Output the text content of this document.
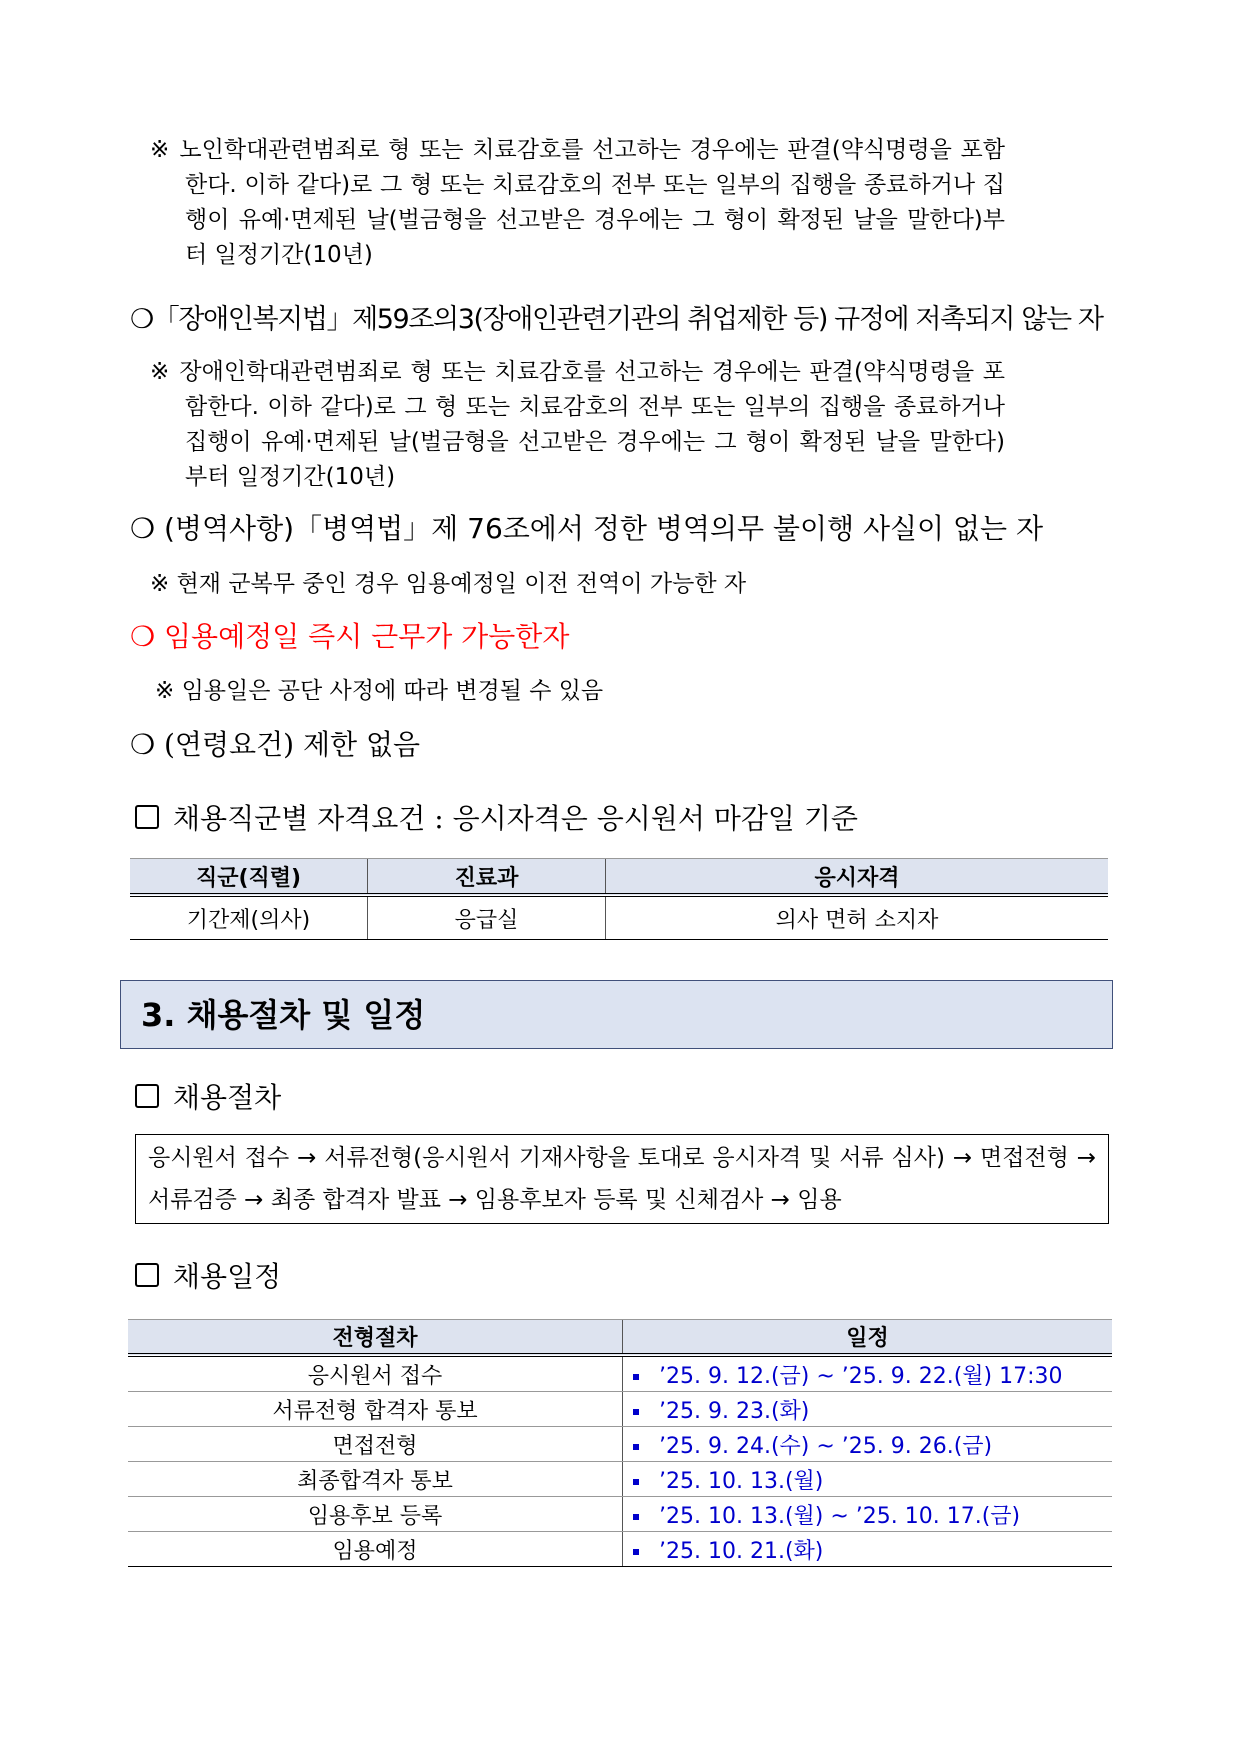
※ 노인학대관련범죄로 형 또는 치료감호를 선고하는 경우에는 판결(약식명령을 포함한다. 이하 같다)로 그 형 또는 치료감호의 전부 또는 일부의 집행을 종료하거나 집행이 유예·면제된 날(벌금형을 선고받은 경우에는 그 형이 확정된 날을 말한다)부터 일정기간(10년)
❍「장애인복지법」제59조의3(장애인관련기관의 취업제한 등) 규정에 저촉되지 않는 자
※ 장애인학대관련범죄로 형 또는 치료감호를 선고하는 경우에는 판결(약식명령을 포함한다. 이하 같다)로 그 형 또는 치료감호의 전부 또는 일부의 집행을 종료하거나 집행이 유예·면제된 날(벌금형을 선고받은 경우에는 그 형이 확정된 날을 말한다)부터 일정기간(10년)
❍ (병역사항)「병역법」제 76조에서 정한 병역의무 불이행 사실이 없는 자
※ 현재 군복무 중인 경우 임용예정일 이전 전역이 가능한 자
❍ 임용예정일 즉시 근무가 가능한자
※ 임용일은 공단 사정에 따라 변경될 수 있음
❍ (연령요건) 제한 없음
채용직군별 자격요건 : 응시자격은 응시원서 마감일 기준
직군(직렬)	진료과	응시자격
기간제(의사)	응급실	의사 면허 소지자
3. 채용절차 및 일정
채용절차
응시원서 접수 → 서류전형(응시원서 기재사항을 토대로 응시자격 및 서류 심사) → 면접전형 → 서류검증 → 최종 합격자 발표 → 임용후보자 등록 및 신체검사 → 임용
채용일정
전형절차	일정
응시원서 접수	’25. 9. 12.(금) ~ ’25. 9. 22.(월) 17:30
서류전형 합격자 통보	’25. 9. 23.(화)
면접전형	’25. 9. 24.(수) ~ ’25. 9. 26.(금)
최종합격자 통보	’25. 10. 13.(월)
임용후보 등록	’25. 10. 13.(월) ~ ’25. 10. 17.(금)
임용예정	’25. 10. 21.(화)
